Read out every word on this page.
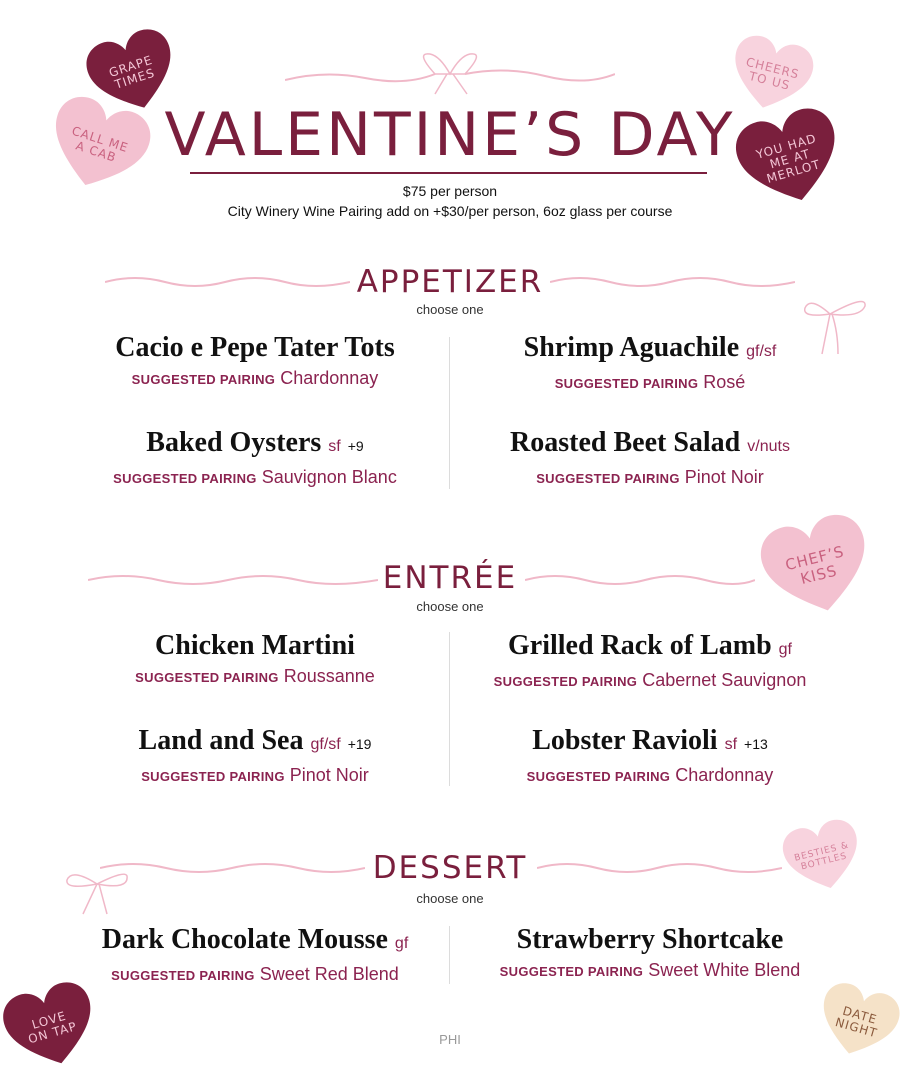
GRAPE
TIMES
CALL ME
A CAB
CHEERS
TO US
YOU HAD
ME AT
MERLOT
CHEF’S
KISS
BESTIES &
BOTTLES
LOVE
ON TAP
DATE
NIGHT
VALENTINE’S DAY
$75 per person
City Winery Wine Pairing add on +$30/per person, 6oz glass per course
APPETIZER
choose one
Cacio e Pepe Tater Tots
SUGGESTED PAIRING Chardonnay
Shrimp Aguachile gf/sf
SUGGESTED PAIRING Rosé
Baked Oysters sf +9
SUGGESTED PAIRING Sauvignon Blanc
Roasted Beet Salad v/nuts
SUGGESTED PAIRING Pinot Noir
ENTRÉE
choose one
Chicken Martini
SUGGESTED PAIRING Roussanne
Grilled Rack of Lamb gf
SUGGESTED PAIRING Cabernet Sauvignon
Land and Sea gf/sf +19
SUGGESTED PAIRING Pinot Noir
Lobster Ravioli sf +13
SUGGESTED PAIRING Chardonnay
DESSERT
choose one
Dark Chocolate Mousse gf
SUGGESTED PAIRING Sweet Red Blend
Strawberry Shortcake
SUGGESTED PAIRING Sweet White Blend
PHI
